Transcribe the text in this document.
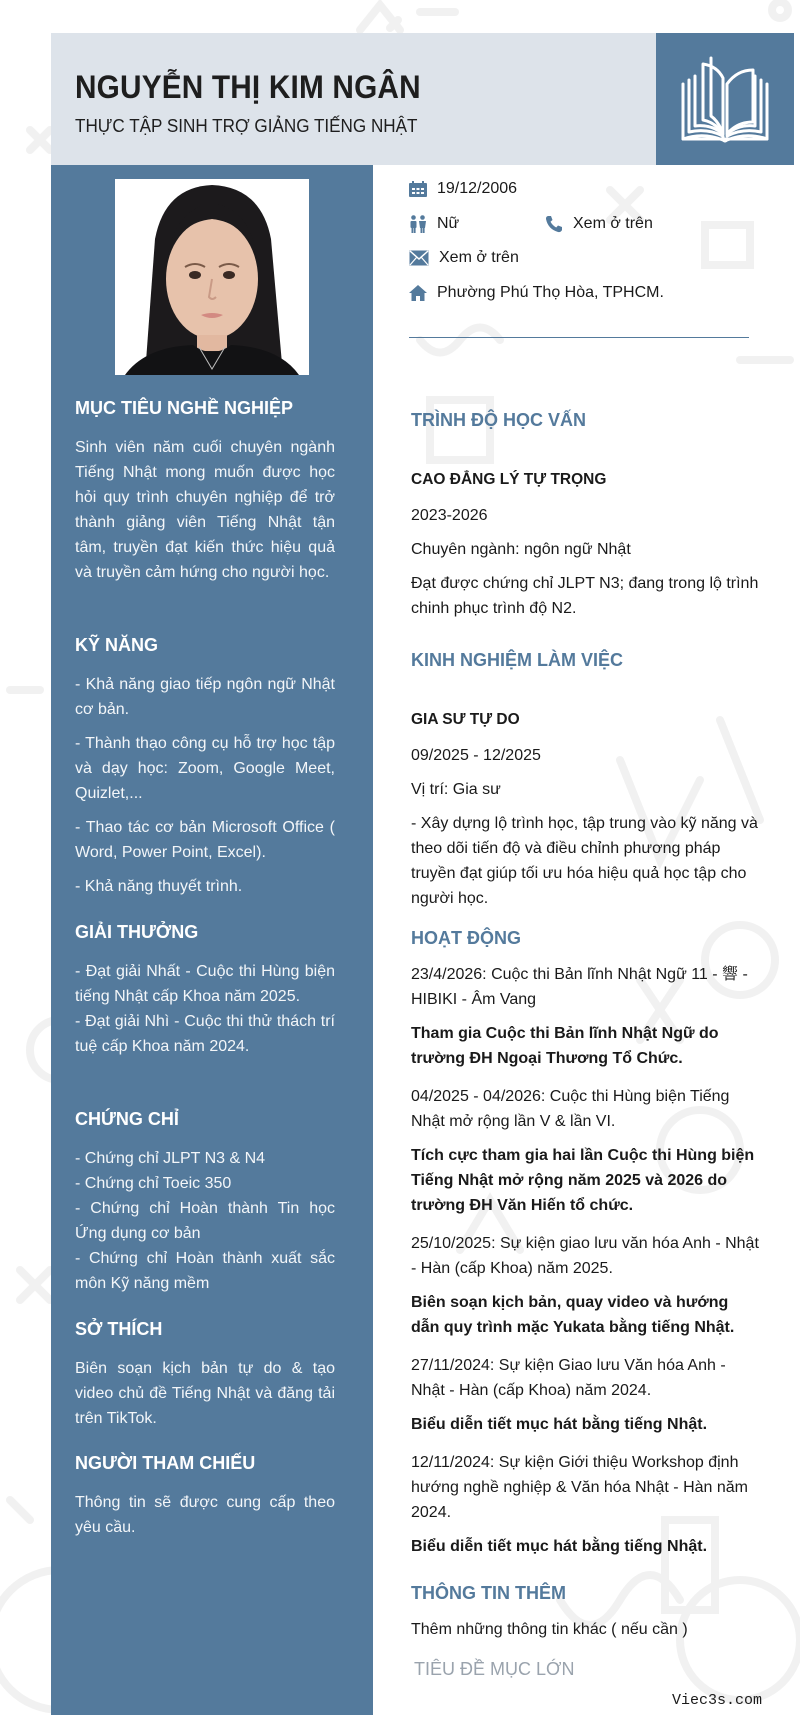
NGUYỄN THỊ KIM NGÂN
THỰC TẬP SINH TRỢ GIẢNG TIẾNG NHẬT
MỤC TIÊU NGHỀ NGHIỆP

Sinh viên năm cuối chuyên ngành Tiếng Nhật mong muốn được học hỏi quy trình chuyên nghiệp để trở thành giảng viên Tiếng Nhật tận tâm, truyền đạt kiến thức hiệu quả và truyền cảm hứng cho người học.

KỸ NĂNG

- Khả năng giao tiếp ngôn ngữ Nhật cơ bản.

- Thành thạo công cụ hỗ trợ học tập và dạy học: Zoom, Google Meet, Quizlet,...

- Thao tác cơ bản Microsoft Office ( Word, Power Point, Excel).

- Khả năng thuyết trình.

GIẢI THƯỞNG

- Đạt giải Nhất - Cuộc thi Hùng biện tiếng Nhật cấp Khoa năm 2025.

- Đạt giải Nhì - Cuộc thi thử thách trí tuệ cấp Khoa năm 2024.

CHỨNG CHỈ

- Chứng chỉ JLPT N3 & N4

- Chứng chỉ Toeic 350

- Chứng chỉ Hoàn thành Tin học Ứng dụng cơ bản

- Chứng chỉ Hoàn thành xuất sắc môn Kỹ năng mềm

SỞ THÍCH

Biên soạn kịch bản tự do & tạo video chủ đề Tiếng Nhật và đăng tải trên TikTok.

NGƯỜI THAM CHIẾU

Thông tin sẽ được cung cấp theo yêu cầu.

19/12/2006
Nữ	Xem ở trên
Xem ở trên
Phường Phú Thọ Hòa, TPHCM.
TRÌNH ĐỘ HỌC VẤN
CAO ĐẲNG LÝ TỰ TRỌNG
2023-2026
Chuyên ngành: ngôn ngữ Nhật
Đạt được chứng chỉ JLPT N3; đang trong lộ trình chinh phục trình độ N2.
KINH NGHIỆM LÀM VIỆC
GIA SƯ TỰ DO
09/2025 - 12/2025
Vị trí: Gia sư
- Xây dựng lộ trình học, tập trung vào kỹ năng và theo dõi tiến độ và điều chỉnh phương pháp truyền đạt giúp tối ưu hóa hiệu quả học tập cho người học.
HOẠT ĐỘNG
23/4/2026: Cuộc thi Bản lĩnh Nhật Ngữ 11 - 響 - HIBIKI - Âm Vang
Tham gia Cuộc thi Bản lĩnh Nhật Ngữ do trường ĐH Ngoại Thương Tổ Chức.
04/2025 - 04/2026: Cuộc thi Hùng biện Tiếng Nhật mở rộng lần V & lần VI.
Tích cực tham gia hai lần Cuộc thi Hùng biện Tiếng Nhật mở rộng năm 2025 và 2026 do trường ĐH Văn Hiến tổ chức.
25/10/2025: Sự kiện giao lưu văn hóa Anh - Nhật - Hàn (cấp Khoa) năm 2025.
Biên soạn kịch bản, quay video và hướng dẫn quy trình mặc Yukata bằng tiếng Nhật.
27/11/2024: Sự kiện Giao lưu Văn hóa Anh - Nhật - Hàn (cấp Khoa) năm 2024.
Biểu diễn tiết mục hát bằng tiếng Nhật.
12/11/2024: Sự kiện Giới thiệu Workshop định hướng nghề nghiệp & Văn hóa Nhật - Hàn năm 2024.
Biểu diễn tiết mục hát bằng tiếng Nhật.
THÔNG TIN THÊM
Thêm những thông tin khác ( nếu cần )
TIÊU ĐỀ MỤC LỚN
Viec3s.com
